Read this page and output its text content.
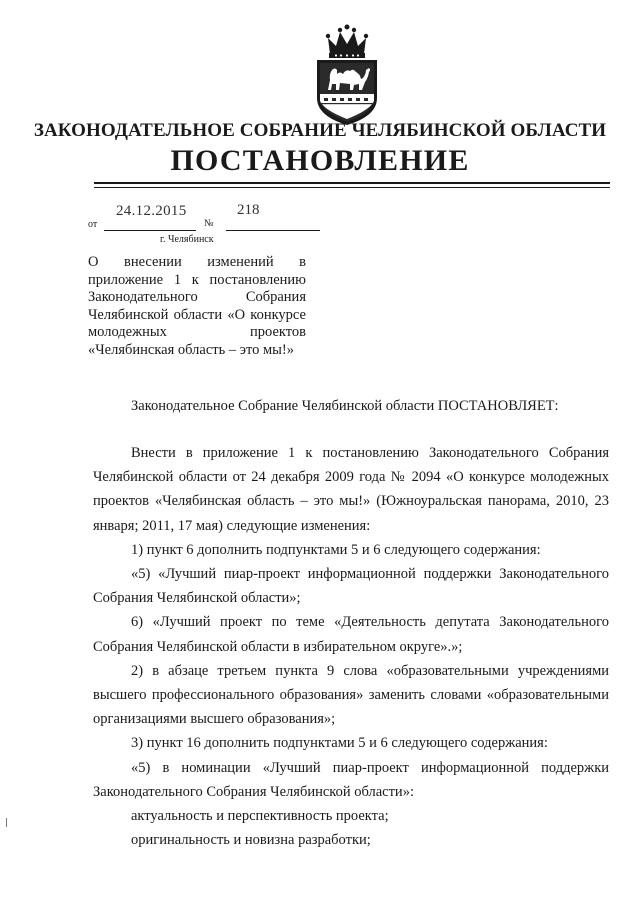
ЗАКОНОДАТЕЛЬНОЕ СОБРАНИЕ ЧЕЛЯБИНСКОЙ ОБЛАСТИ
ПОСТАНОВЛЕНИЕ
от
24.12.2015
№
218
г. Челябинск
О внесении изменений в приложение 1 к постановлению Законодательного Собрания Челябинской области «О конкурсе молодежных проектов «Челябинская область – это мы!»
Законодательное Собрание Челябинской области ПОСТАНОВЛЯЕТ:

Внести в приложение 1 к постановлению Законодательного Собрания Челябинской области от 24 декабря 2009 года № 2094 «О конкурсе молодежных проектов «Челябинская область – это мы!» (Южноуральская панорама, 2010, 23 января; 2011, 17 мая) следующие изменения:

1) пункт 6 дополнить подпунктами 5 и 6 следующего содержания:

«5) «Лучший пиар-проект информационной поддержки Законодательного Собрания Челябинской области»;

6) «Лучший проект по теме «Деятельность депутата Законодательного Собрания Челябинской области в избирательном округе».»;

2) в абзаце третьем пункта 9 слова «образовательными учреждениями высшего профессионального образования» заменить словами «образовательными организациями высшего образования»;

3) пункт 16 дополнить подпунктами 5 и 6 следующего содержания:

«5) в номинации «Лучший пиар-проект информационной поддержки Законодательного Собрания Челябинской области»:

актуальность и перспективность проекта;

оригинальность и новизна разработки;
